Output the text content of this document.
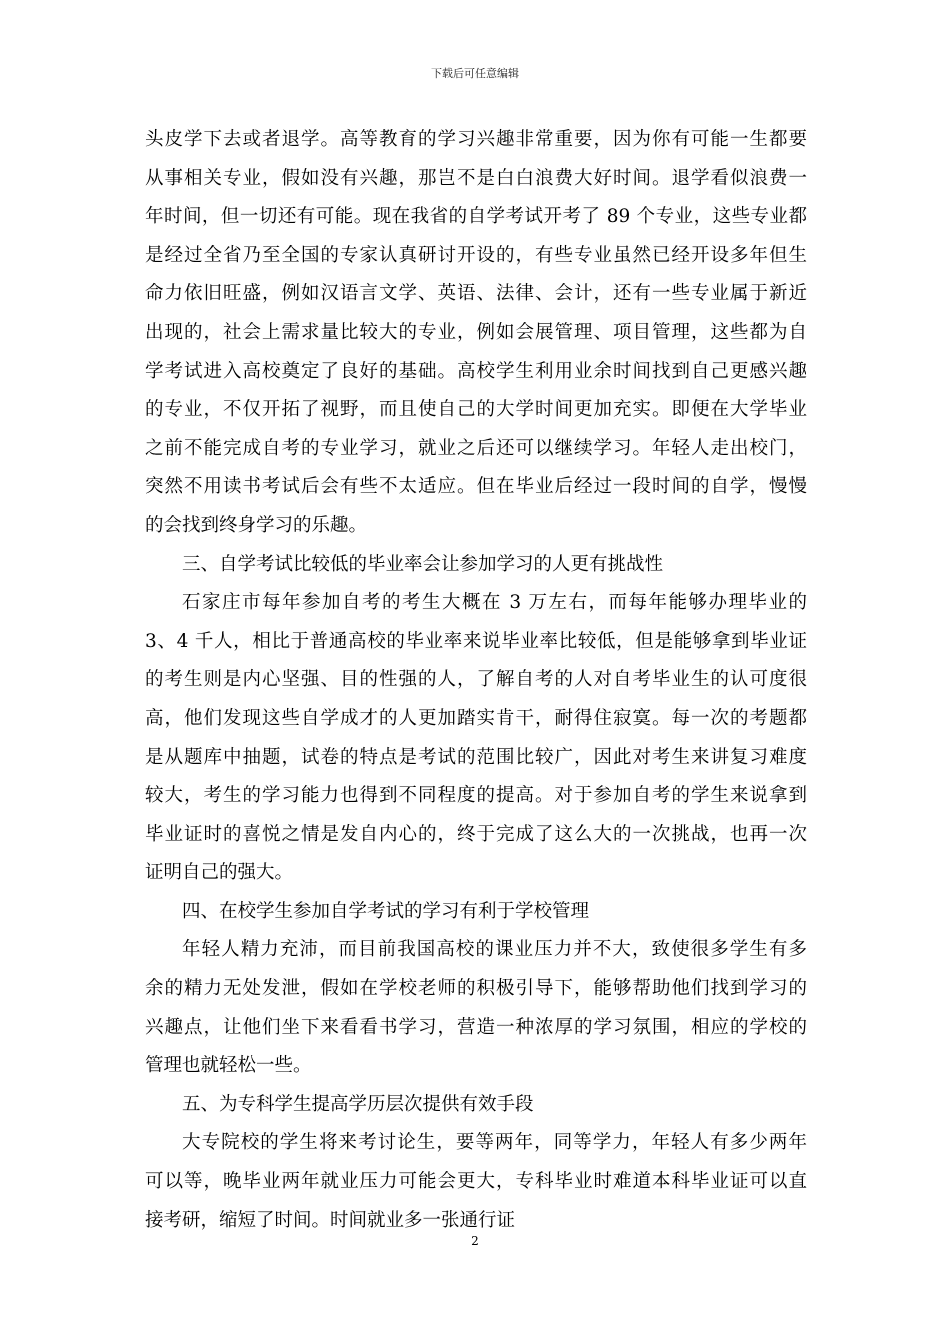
下载后可任意编辑
头皮学下去或者退学。高等教育的学习兴趣非常重要，因为你有可能一生都要
从事相关专业，假如没有兴趣，那岂不是白白浪费大好时间。退学看似浪费一
年时间，但一切还有可能。现在我省的自学考试开考了 89 个专业，这些专业都
是经过全省乃至全国的专家认真研讨开设的，有些专业虽然已经开设多年但生
命力依旧旺盛，例如汉语言文学、英语、法律、会计，还有一些专业属于新近
出现的，社会上需求量比较大的专业，例如会展管理、项目管理，这些都为自
学考试进入高校奠定了良好的基础。高校学生利用业余时间找到自己更感兴趣
的专业，不仅开拓了视野，而且使自己的大学时间更加充实。即便在大学毕业
之前不能完成自考的专业学习，就业之后还可以继续学习。年轻人走出校门，
突然不用读书考试后会有些不太适应。但在毕业后经过一段时间的自学，慢慢
的会找到终身学习的乐趣。
三、自学考试比较低的毕业率会让参加学习的人更有挑战性
石家庄市每年参加自考的考生大概在 3 万左右，而每年能够办理毕业的
3、4 千人，相比于普通高校的毕业率来说毕业率比较低，但是能够拿到毕业证
的考生则是内心坚强、目的性强的人，了解自考的人对自考毕业生的认可度很
高，他们发现这些自学成才的人更加踏实肯干，耐得住寂寞。每一次的考题都
是从题库中抽题，试卷的特点是考试的范围比较广，因此对考生来讲复习难度
较大，考生的学习能力也得到不同程度的提高。对于参加自考的学生来说拿到
毕业证时的喜悦之情是发自内心的，终于完成了这么大的一次挑战，也再一次
证明自己的强大。
四、在校学生参加自学考试的学习有利于学校管理
年轻人精力充沛，而目前我国高校的课业压力并不大，致使很多学生有多
余的精力无处发泄，假如在学校老师的积极引导下，能够帮助他们找到学习的
兴趣点，让他们坐下来看看书学习，营造一种浓厚的学习氛围，相应的学校的
管理也就轻松一些。
五、为专科学生提高学历层次提供有效手段
大专院校的学生将来考讨论生，要等两年，同等学力，年轻人有多少两年
可以等，晚毕业两年就业压力可能会更大，专科毕业时难道本科毕业证可以直
接考研，缩短了时间。时间就业多一张通行证
2
